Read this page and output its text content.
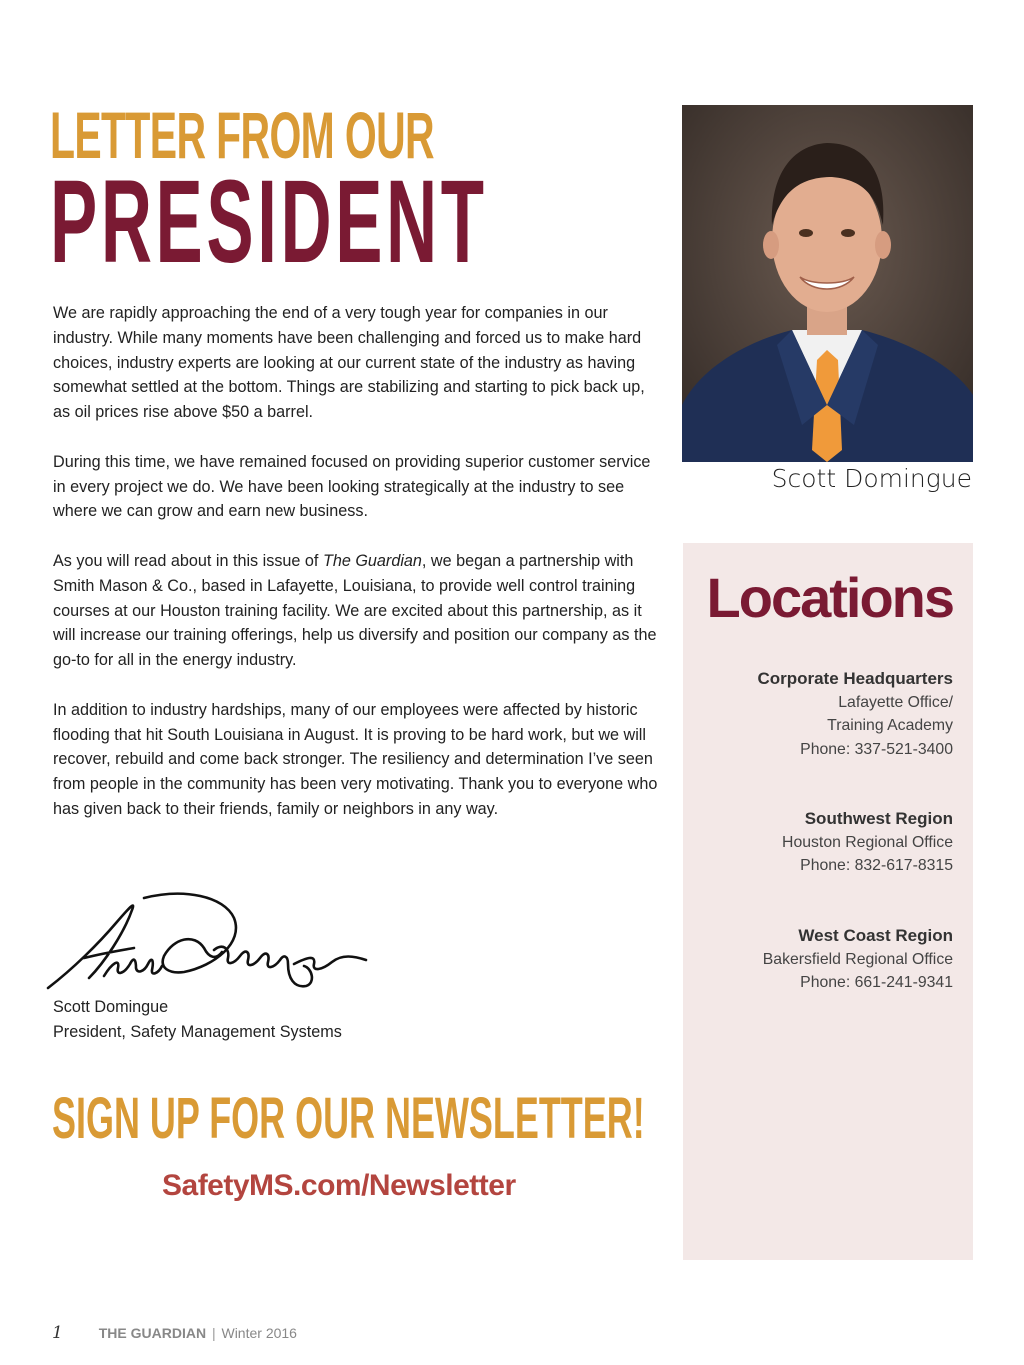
LETTER FROM OUR
PRESIDENT

We are rapidly approaching the end of a very tough year for companies in our industry. While many moments have been challenging and forced us to make hard choices, industry experts are looking at our current state of the industry as having somewhat settled at the bottom. Things are stabilizing and starting to pick back up, as oil prices rise above $50 a barrel.

During this time, we have remained focused on providing superior customer service in every project we do. We have been looking strategically at the industry to see where we can grow and earn new business.

As you will read about in this issue of The Guardian, we began a partnership with Smith Mason & Co., based in Lafayette, Louisiana, to provide well control training courses at our Houston training facility. We are excited about this partnership, as it will increase our training offerings, help us diversify and position our company as the go-to for all in the energy industry.

In addition to industry hardships, many of our employees were affected by historic flooding that hit South Louisiana in August. It is proving to be hard work, but we will recover, rebuild and come back stronger. The resiliency and determination I’ve seen from people in the community has been very motivating. Thank you to everyone who has given back to their friends, family or neighbors in any way.

Scott Domingue
President, Safety Management Systems
SIGN UP FOR OUR NEWSLETTER!
SafetyMS.com/Newsletter
Scott Domingue
Locations
Corporate Headquarters
Lafayette Office/
Training Academy
Phone: 337-521-3400
Southwest Region
Houston Regional Office
Phone: 832-617-8315
West Coast Region
Bakersfield Regional Office
Phone: 661-241-9341
1	THE GUARDIAN | Winter 2016
